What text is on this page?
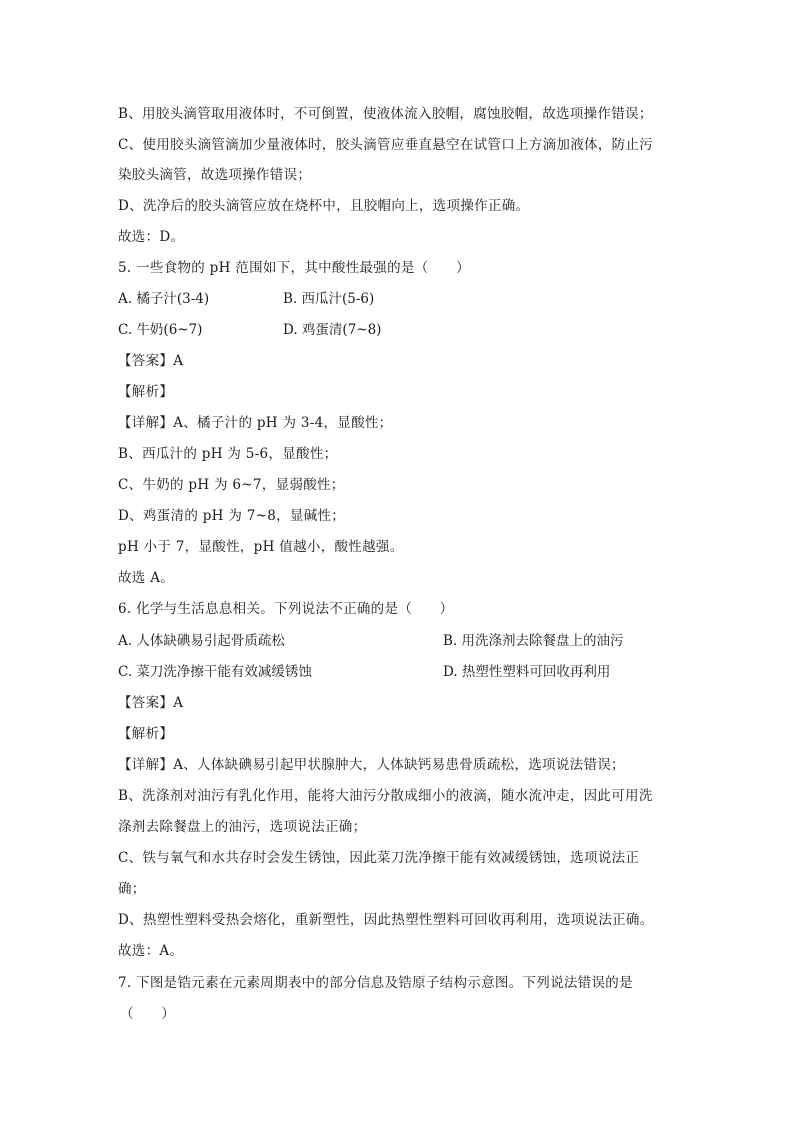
B、用胶头滴管取用液体时，不可倒置，使液体流入胶帽，腐蚀胶帽，故选项操作错误；
C、使用胶头滴管滴加少量液体时，胶头滴管应垂直悬空在试管口上方滴加液体，防止污
染胶头滴管，故选项操作错误；
D、洗净后的胶头滴管应放在烧杯中，且胶帽向上，选项操作正确。
故选：D。
5. 一些食物的 pH 范围如下，其中酸性最强的是（　　）
A. 橘子汁(3-4)	B. 西瓜汁(5-6)
C. 牛奶(6~7)	D. 鸡蛋清(7~8)
【答案】A
【解析】
【详解】A、橘子汁的 pH 为 3-4，显酸性；
B、西瓜汁的 pH 为 5-6，显酸性；
C、牛奶的 pH 为 6~7，显弱酸性；
D、鸡蛋清的 pH 为 7~8，显碱性；
pH 小于 7，显酸性，pH 值越小，酸性越强。
故选 A。
6. 化学与生活息息相关。下列说法不正确的是（　　）
A. 人体缺碘易引起骨质疏松	B. 用洗涤剂去除餐盘上的油污
C. 菜刀洗净擦干能有效减缓锈蚀	D. 热塑性塑料可回收再利用
【答案】A
【解析】
【详解】A、人体缺碘易引起甲状腺肿大，人体缺钙易患骨质疏松，选项说法错误；
B、洗涤剂对油污有乳化作用，能将大油污分散成细小的液滴，随水流冲走，因此可用洗
涤剂去除餐盘上的油污，选项说法正确；
C、铁与氧气和水共存时会发生锈蚀，因此菜刀洗净擦干能有效减缓锈蚀，选项说法正
确；
D、热塑性塑料受热会熔化，重新塑性，因此热塑性塑料可回收再利用，选项说法正确。
故选：A。
7. 下图是锆元素在元素周期表中的部分信息及锆原子结构示意图。下列说法错误的是
（　　）
